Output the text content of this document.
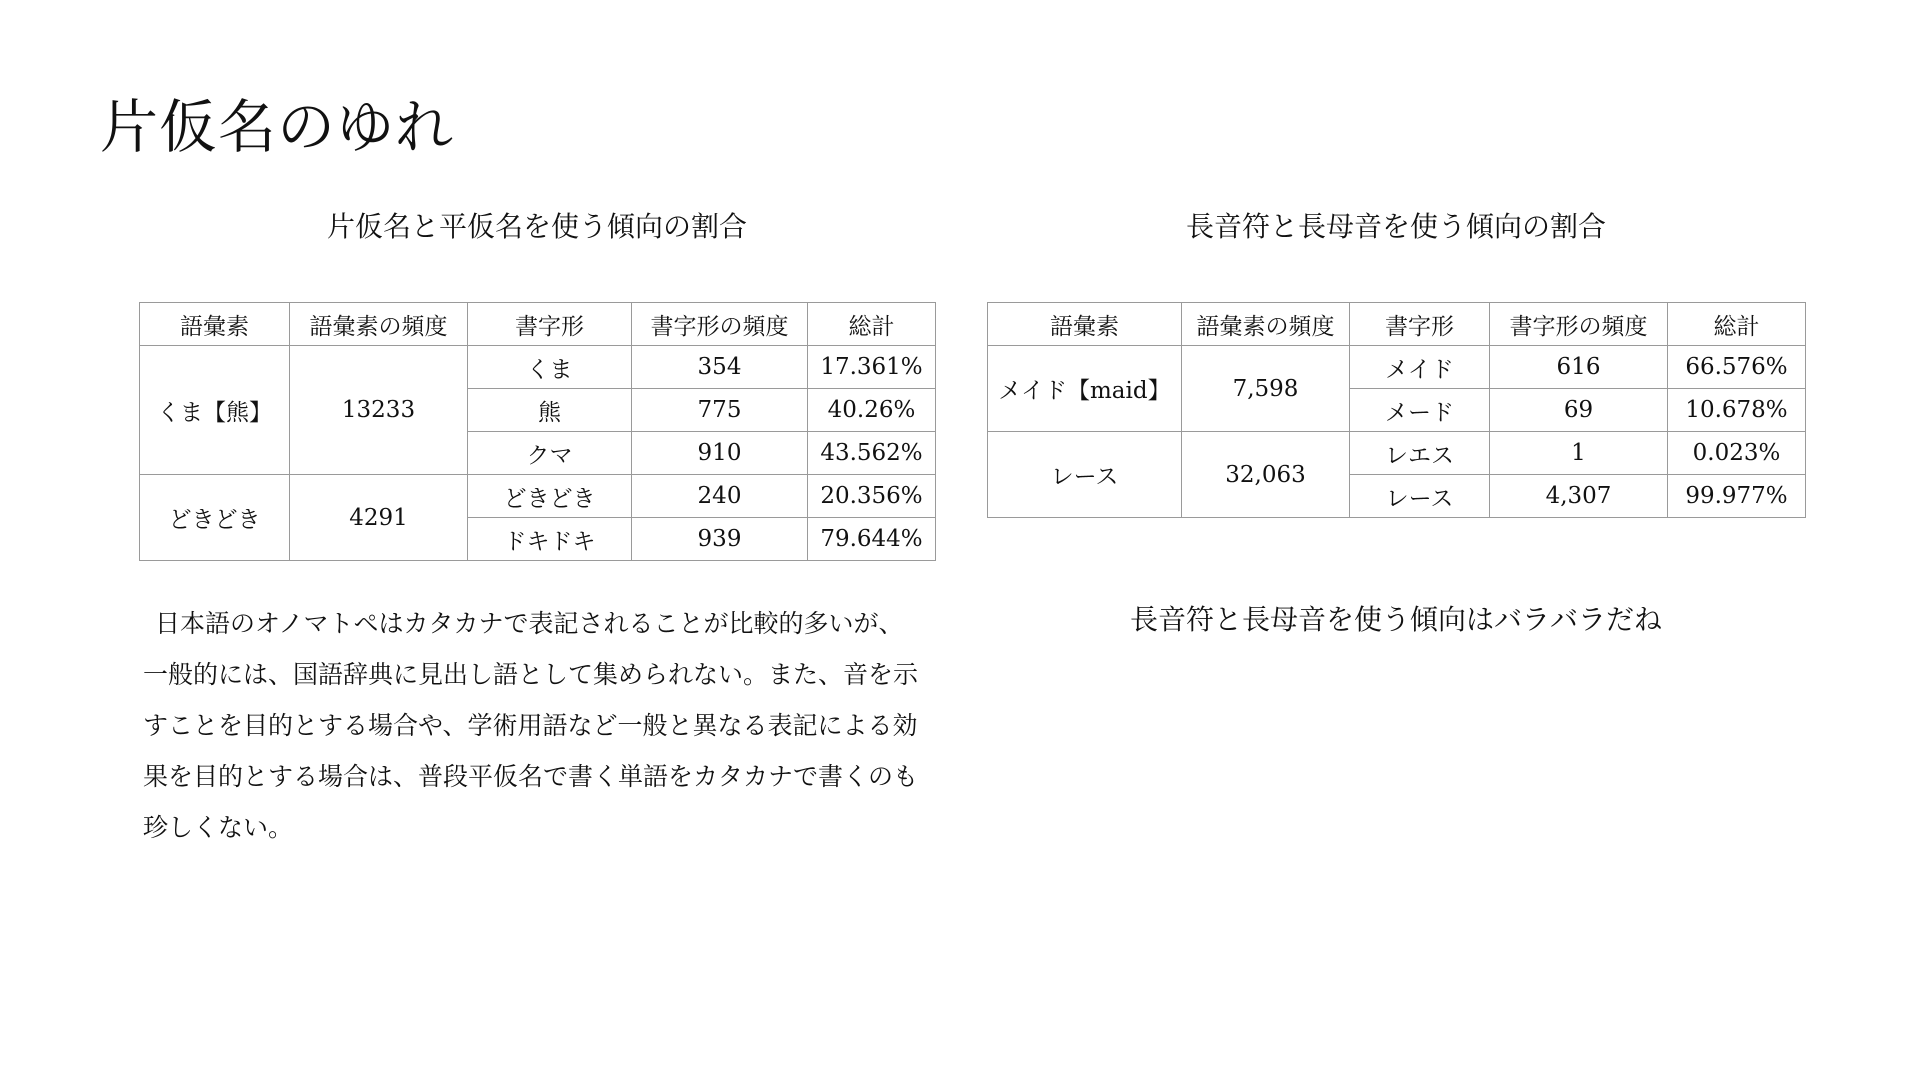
片仮名のゆれ
片仮名と平仮名を使う傾向の割合	長音符と長母音を使う傾向の割合
語彙素	語彙素の頻度	書字形	書字形の頻度	総計
くま【熊】	13233	くま	354	17.361%
		熊	775	40.26%
		クマ	910	43.562%
どきどき	4291	どきどき	240	20.356%
		ドキドキ	939	79.644%
語彙素	語彙素の頻度	書字形	書字形の頻度	総計
メイド【maid】	7,598	メイド	616	66.576%
		メード	69	10.678%
レース	32,063	レエス	1	0.023%
		レース	4,307	99.977%
日本語のオノマトペはカタカナで表記されることが比較的多いが、
一般的には、国語辞典に見出し語として集められない。また、音を示
すことを目的とする場合や、学術用語など一般と異なる表記による効
果を目的とする場合は、普段平仮名で書く単語をカタカナで書くのも
珍しくない。
長音符と長母音を使う傾向はバラバラだね
